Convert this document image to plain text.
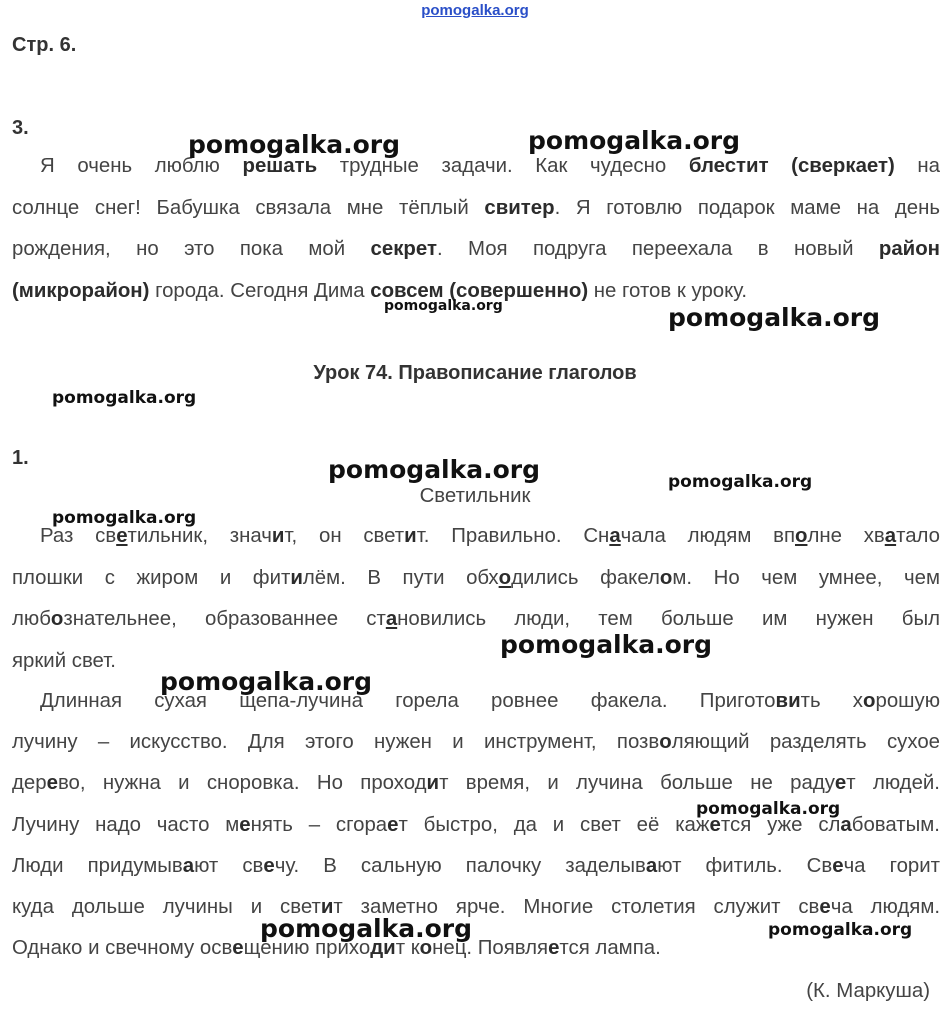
pomogalka.org
Стр. 6.
3.
Я очень люблю решать трудные задачи. Как чудесно блестит (сверкает) на
солнце снег! Бабушка связала мне тёплый свитер. Я готовлю подарок маме на день
рождения, но это пока мой секрет. Моя подруга переехала в новый район
(микрорайон) города. Сегодня Дима совсем (совершенно) не готов к уроку.
Урок 74. Правописание глаголов
1.
Светильник
Раз светильник, значит, он светит. Правильно. Сначала людям вполне хватало
плошки с жиром и фитилём. В пути обходились факелом. Но чем умнее, чем
любознательнее, образованнее становились люди, тем больше им нужен был
яркий свет.
Длинная сухая щепа-лучина горела ровнее факела. Приготовить хорошую
лучину – искусство. Для этого нужен и инструмент, позволяющий разделять сухое
дерево, нужна и сноровка. Но проходит время, и лучина больше не радует людей.
Лучину надо часто менять – сгорает быстро, да и свет её кажется уже слабоватым.
Люди придумывают свечу. В сальную палочку заделывают фитиль. Свеча горит
куда дольше лучины и светит заметно ярче. Многие столетия служит свеча людям.
Однако и свечному освещению приходит конец. Появляется лампа.
(К. Маркуша)
pomogalka.org	pomogalka.org
pomogalka.org	pomogalka.org
pomogalka.org
pomogalka.org	pomogalka.org
pomogalka.org
pomogalka.org
pomogalka.org
pomogalka.org
pomogalka.org	pomogalka.org
